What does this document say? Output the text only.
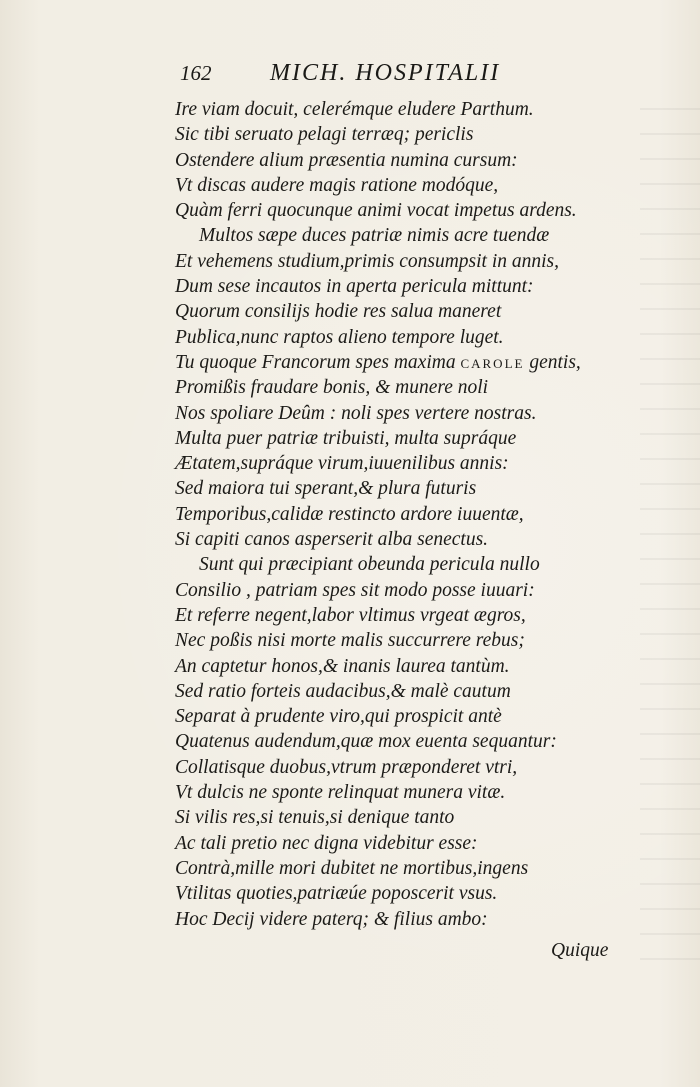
162	MICH. HOSPITALII
Ire viam docuit, celerémque eludere Parthum.
Sic tibi seruato pelagi terræq; periclis
Ostendere alium præsentia numina cursum:
Vt discas audere magis ratione modóque,
Quàm ferri quocunque animi vocat impetus ardens.
Multos sæpe duces patriæ nimis acre tuendæ
Et vehemens studium,primis consumpsit in annis,
Dum sese incautos in aperta pericula mittunt:
Quorum consilijs hodie res salua maneret
Publica,nunc raptos alieno tempore luget.
Tu quoque Francorum spes maxima CAROLE gentis,
Promißis fraudare bonis, & munere noli
Nos spoliare Deûm : noli spes vertere nostras.
Multa puer patriæ tribuisti, multa supráque
Ætatem,supráque virum,iuuenilibus annis:
Sed maiora tui sperant,& plura futuris
Temporibus,calidæ restincto ardore iuuentæ,
Si capiti canos asperserit alba senectus.
Sunt qui præcipiant obeunda pericula nullo
Consilio , patriam spes sit modo posse iuuari:
Et referre negent,labor vltimus vrgeat ægros,
Nec poßis nisi morte malis succurrere rebus;
An captetur honos,& inanis laurea tantùm.
Sed ratio forteis audacibus,& malè cautum
Separat à prudente viro,qui prospicit antè
Quatenus audendum,quæ mox euenta sequantur:
Collatisque duobus,vtrum præponderet vtri,
Vt dulcis ne sponte relinquat munera vitæ.
Si vilis res,si tenuis,si denique tanto
Ac tali pretio nec digna videbitur esse:
Contrà,mille mori dubitet ne mortibus,ingens
Vtilitas quoties,patriæúe poposcerit vsus.
Hoc Decij videre paterq; & filius ambo:
Quique
